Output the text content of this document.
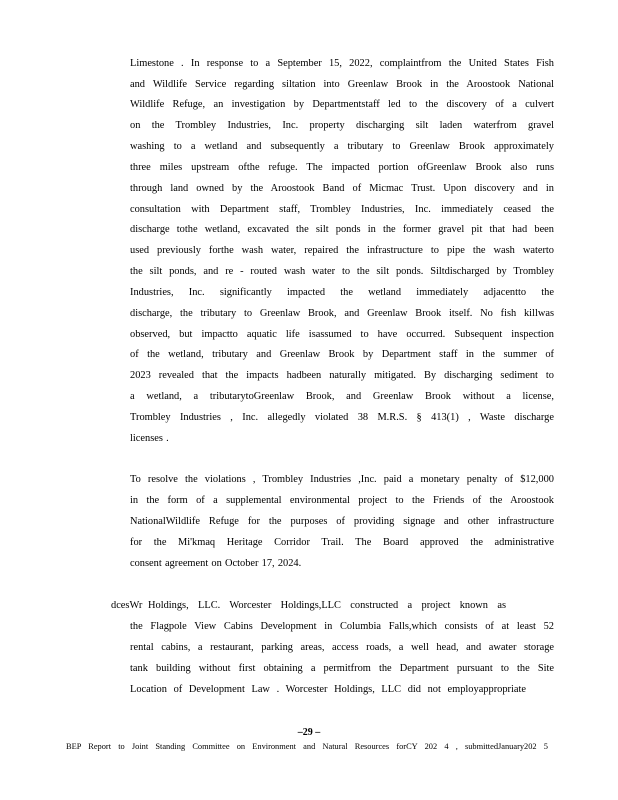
Limestone . In response to a September 15, 2022, complaintfrom the United States Fish
and Wildlife Service regarding siltation into Greenlaw Brook in the Aroostook National
Wildlife Refuge, an investigation by Departmentstaff led to the discovery of a culvert
on the Trombley Industries, Inc. property discharging silt laden waterfrom gravel
washing to a wetland and subsequently a tributary to Greenlaw Brook approximately
three miles upstream ofthe refuge. The impacted portion ofGreenlaw Brook also runs
through land owned by the Aroostook Band of Micmac Trust. Upon discovery and in
consultation with Department staff, Trombley Industries, Inc. immediately ceased the
discharge tothe wetland, excavated the silt ponds in the former gravel pit that had been
used previously forthe wash water, repaired the infrastructure to pipe the wash waterto
the silt ponds, and re - routed wash water to the silt ponds. Siltdischarged by Trombley
Industries, Inc. significantly impacted the wetland immediately adjacentto the
discharge, the tributary to Greenlaw Brook, and Greenlaw Brook itself. No fish killwas
observed, but impactto aquatic life isassumed to have occurred. Subsequent inspection
of the wetland, tributary and Greenlaw Brook by Department staff in the summer of
2023 revealed that the impacts hadbeen naturally mitigated. By discharging sediment to
a wetland, a tributarytoGreenlaw Brook, and Greenlaw Brook without a license,
Trombley Industries , Inc. allegedly violated 38 M.R.S. § 413(1) , Waste discharge
licenses .
To resolve the violations , Trombley Industries ,Inc. paid a monetary penalty of $12,000
in the form of a supplemental environmental project to the Friends of the Aroostook
NationalWildlife Refuge for the purposes of providing signage and other infrastructure
for the Mi'kmaq Heritage Corridor Trail. The Board approved the administrative
consent agreement on October 17, 2024.
dcesWr Holdings, LLC. Worcester Holdings,LLC constructed a project known as
the Flagpole View Cabins Development in Columbia Falls,which consists of at least 52
rental cabins, a restaurant, parking areas, access roads, a well head, and awater storage
tank building without first obtaining a permitfrom the Department pursuant to the Site
Location of Development Law . Worcester Holdings, LLC did not employappropriate
–29 –
BEP Report to Joint Standing Committee on Environment and Natural Resources forCY 202 4 , submittedJanuary202 5
